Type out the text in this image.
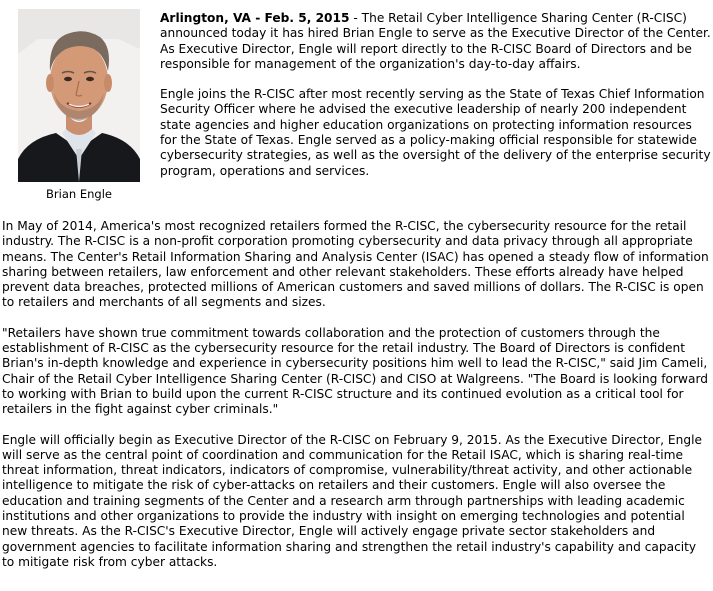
Brian Engle

Arlington, VA - Feb. 5, 2015 - The Retail Cyber Intelligence Sharing Center (R-CISC) announced today it has hired Brian Engle to serve as the Executive Director of the Center. As Executive Director, Engle will report directly to the R-CISC Board of Directors and be responsible for management of the organization's day-to-day affairs.

Engle joins the R-CISC after most recently serving as the State of Texas Chief Information Security Officer where he advised the executive leadership of nearly 200 independent state agencies and higher education organizations on protecting information resources for the State of Texas. Engle served as a policy-making official responsible for statewide cybersecurity strategies, as well as the oversight of the delivery of the enterprise security program, operations and services.

In May of 2014, America's most recognized retailers formed the R-CISC, the cybersecurity resource for the retail industry. The R-CISC is a non-profit corporation promoting cybersecurity and data privacy through all appropriate means. The Center's Retail Information Sharing and Analysis Center (ISAC) has opened a steady flow of information sharing between retailers, law enforcement and other relevant stakeholders. These efforts already have helped prevent data breaches, protected millions of American customers and saved millions of dollars. The R-CISC is open to retailers and merchants of all segments and sizes.

"Retailers have shown true commitment towards collaboration and the protection of customers through the establishment of R-CISC as the cybersecurity resource for the retail industry. The Board of Directors is confident Brian's in-depth knowledge and experience in cybersecurity positions him well to lead the R-CISC," said Jim Cameli, Chair of the Retail Cyber Intelligence Sharing Center (R-CISC) and CISO at Walgreens. "The Board is looking forward to working with Brian to build upon the current R-CISC structure and its continued evolution as a critical tool for retailers in the fight against cyber criminals."

Engle will officially begin as Executive Director of the R-CISC on February 9, 2015. As the Executive Director, Engle will serve as the central point of coordination and communication for the Retail ISAC, which is sharing real-time threat information, threat indicators, indicators of compromise, vulnerability/threat activity, and other actionable intelligence to mitigate the risk of cyber-attacks on retailers and their customers. Engle will also oversee the education and training segments of the Center and a research arm through partnerships with leading academic institutions and other organizations to provide the industry with insight on emerging technologies and potential new threats. As the R-CISC's Executive Director, Engle will actively engage private sector stakeholders and government agencies to facilitate information sharing and strengthen the retail industry's capability and capacity to mitigate risk from cyber attacks.
